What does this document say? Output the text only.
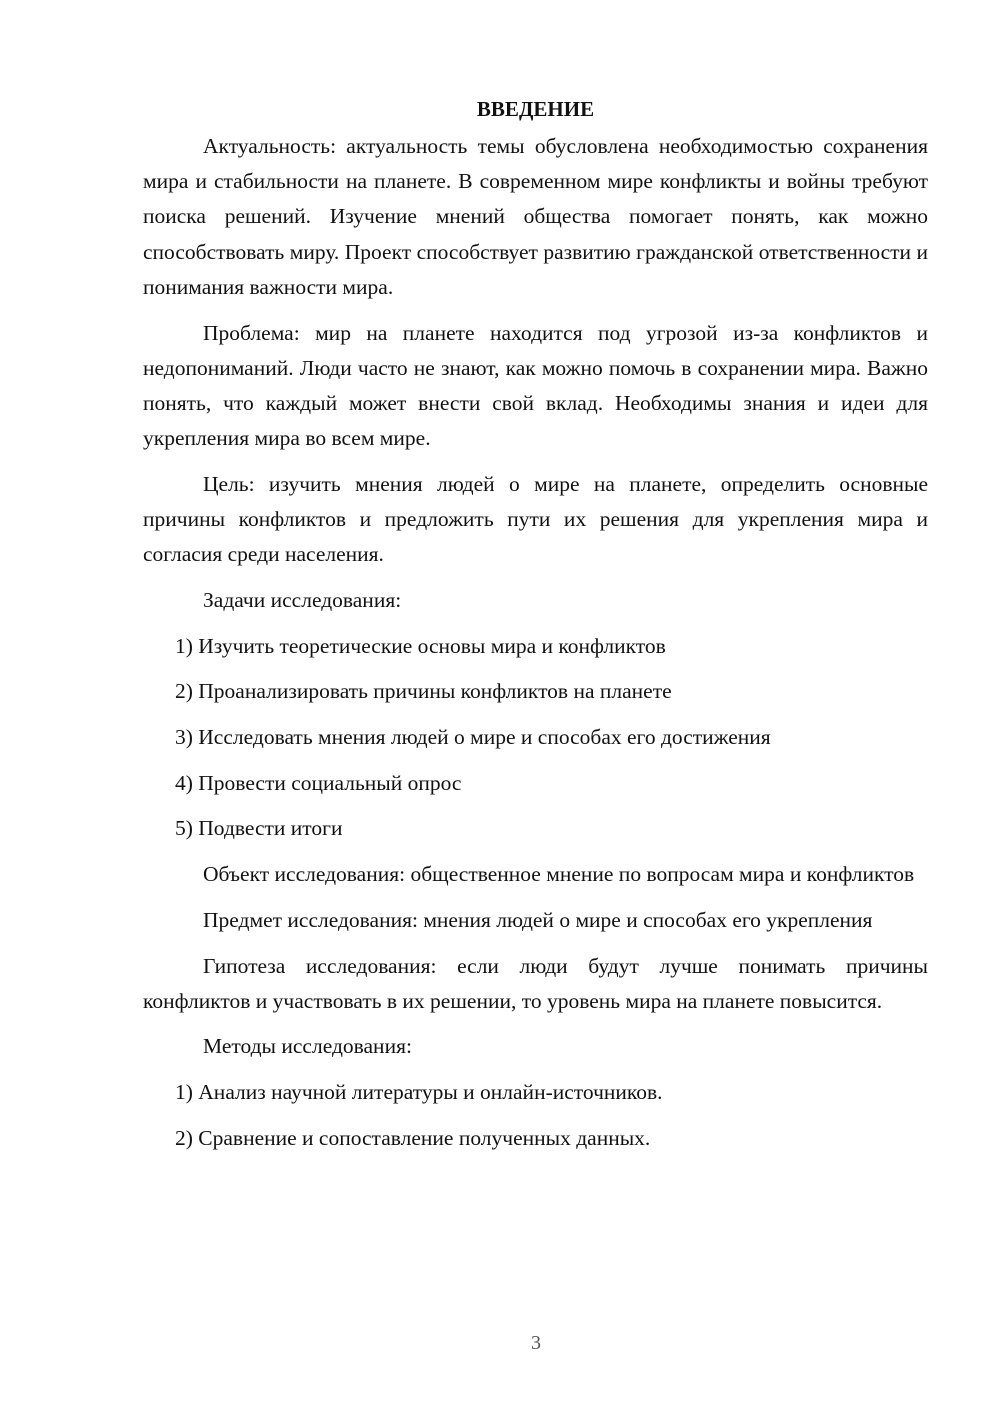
ВВЕДЕНИЕ

Актуальность: актуальность темы обусловлена необходимостью сохранения мира и стабильности на планете. В современном мире конфликты и войны требуют поиска решений. Изучение мнений общества помогает понять, как можно способствовать миру. Проект способствует развитию гражданской ответственности и понимания важности мира.

Проблема: мир на планете находится под угрозой из-за конфликтов и недопониманий. Люди часто не знают, как можно помочь в сохранении мира. Важно понять, что каждый может внести свой вклад. Необходимы знания и идеи для укрепления мира во всем мире.

Цель: изучить мнения людей о мире на планете, определить основные причины конфликтов и предложить пути их решения для укрепления мира и согласия среди населения.

Задачи исследования:

1) Изучить теоретические основы мира и конфликтов

2) Проанализировать причины конфликтов на планете

3) Исследовать мнения людей о мире и способах его достижения

4) Провести социальный опрос

5) Подвести итоги

Объект исследования: общественное мнение по вопросам мира и конфликтов

Предмет исследования: мнения людей о мире и способах его укрепления

Гипотеза исследования: если люди будут лучше понимать причины конфликтов и участвовать в их решении, то уровень мира на планете повысится.

Методы исследования:

1) Анализ научной литературы и онлайн-источников.

2) Сравнение и сопоставление полученных данных.

3
